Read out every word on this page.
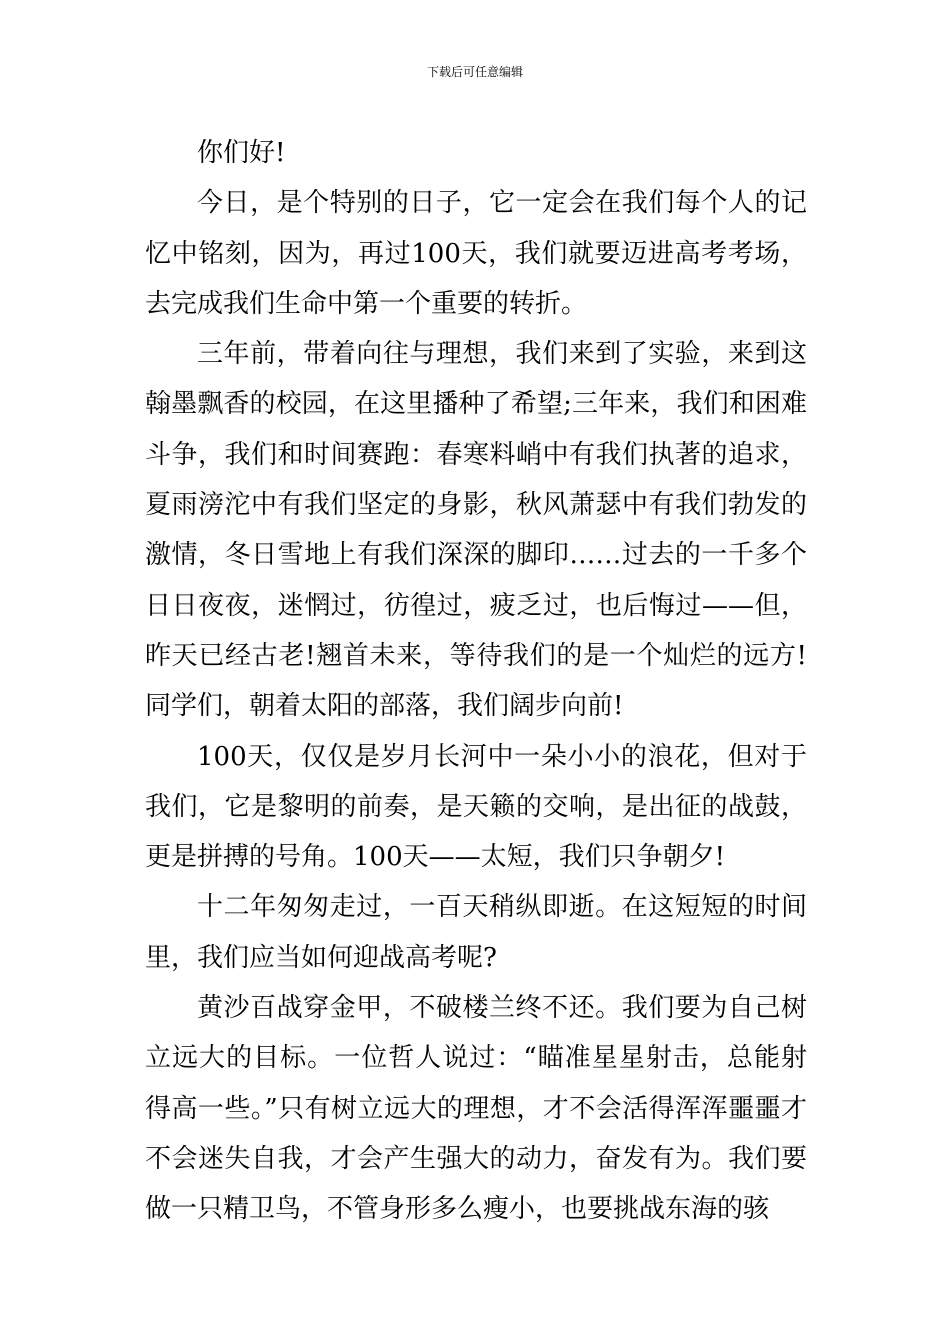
下载后可任意编辑

你们好!

今日，是个特别的日子，它一定会在我们每个人的记忆中铭刻，因为，再过100天，我们就要迈进高考考场，去完成我们生命中第一个重要的转折。

三年前，带着向往与理想，我们来到了实验，来到这翰墨飘香的校园，在这里播种了希望;三年来，我们和困难斗争，我们和时间赛跑：春寒料峭中有我们执著的追求，夏雨滂沱中有我们坚定的身影，秋风萧瑟中有我们勃发的激情，冬日雪地上有我们深深的脚印……过去的一千多个日日夜夜，迷惘过，彷徨过，疲乏过，也后悔过——但，昨天已经古老!翘首未来，等待我们的是一个灿烂的远方!同学们，朝着太阳的部落，我们阔步向前!

100天，仅仅是岁月长河中一朵小小的浪花，但对于我们，它是黎明的前奏，是天籁的交响，是出征的战鼓，更是拼搏的号角。100天——太短，我们只争朝夕!

十二年匆匆走过，一百天稍纵即逝。在这短短的时间里，我们应当如何迎战高考呢?

黄沙百战穿金甲，不破楼兰终不还。我们要为自己树立远大的目标。一位哲人说过：“瞄准星星射击，总能射得高一些。”只有树立远大的理想，才不会活得浑浑噩噩才不会迷失自我，才会产生强大的动力，奋发有为。我们要做一只精卫鸟，不管身形多么瘦小，也要挑战东海的骇
